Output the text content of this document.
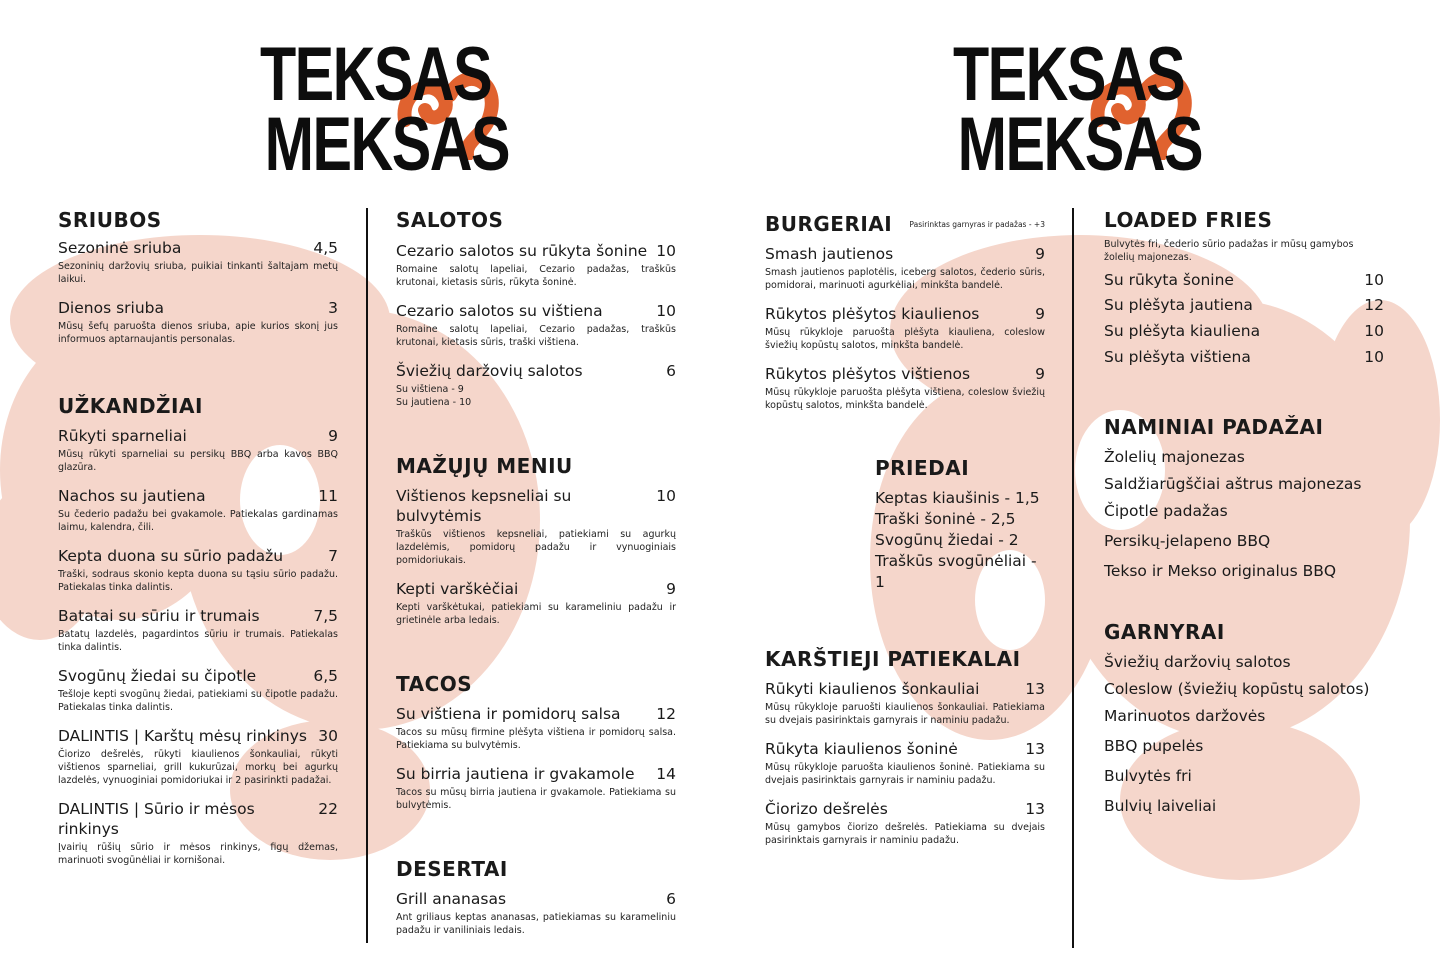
TEKSAS
MEKSAS
TEKSAS
MEKSAS
SRIUBOS
Sezoninė sriuba	4,5
Sezoninių daržovių sriuba, puikiai tinkanti šaltajam metų laikui.
Dienos sriuba	3
Mūsų šefų paruošta dienos sriuba, apie kurios skonį jus informuos aptarnaujantis personalas.
UŽKANDŽIAI
Rūkyti sparneliai	9
Mūsų rūkyti sparneliai su persikų BBQ arba kavos BBQ glazūra.
Nachos su jautiena	11
Su čederio padažu bei gvakamole. Patiekalas gardinamas laimu, kalendra, čili.
Kepta duona su sūrio padažu	7
Traški, sodraus skonio kepta duona su tąsiu sūrio padažu. Patiekalas tinka dalintis.
Batatai su sūriu ir trumais	7,5
Batatų lazdelės, pagardintos sūriu ir trumais. Patiekalas tinka dalintis.
Svogūnų žiedai su čipotle	6,5
Tešloje kepti svogūnų žiedai, patiekiami su čipotle padažu. Patiekalas tinka dalintis.
DALINTIS | Karštų mėsų rinkinys 30
Čiorizo dešrelės, rūkyti kiaulienos šonkauliai, rūkyti vištienos sparneliai, grill kukurūzai, morkų bei agurkų lazdelės, vynuoginiai pomidoriukai ir 2 pasirinkti padažai.
DALINTIS | Sūrio ir mėsos rinkinys
22
Įvairių rūšių sūrio ir mėsos rinkinys, figų džemas, marinuoti svogūnėliai ir kornišonai.
SALOTOS
Cezario salotos su rūkyta šonine 10
Romaine salotų lapeliai, Cezario padažas, traškūs krutonai, kietasis sūris, rūkyta šoninė.
Cezario salotos su vištiena	10
Romaine salotų lapeliai, Cezario padažas, traškūs krutonai, kietasis sūris, traški vištiena.
Šviežių daržovių salotos	6
Su vištiena - 9
Su jautiena - 10
MAŽŲJŲ MENIU
Vištienos kepsneliai su bulvytėmis
10
Traškūs vištienos kepsneliai, patiekiami su agurkų lazdelėmis, pomidorų padažu ir vynuoginiais pomidoriukais.
Kepti varškėčiai	9
Kepti varškėtukai, patiekiami su karameliniu padažu ir grietinėle arba ledais.
TACOS
Su vištiena ir pomidorų salsa 12
Tacos su mūsų firmine plėšyta vištiena ir pomidorų salsa. Patiekiama su bulvytėmis.
Su birria jautiena ir gvakamole 14
Tacos su mūsų birria jautiena ir gvakamole. Patiekiama su bulvytėmis.
DESERTAI
Grill ananasas	6
Ant griliaus keptas ananasas, patiekiamas su karameliniu padažu ir vaniliniais ledais.
BURGERIAI Pasirinktas garnyras ir padažas - +3
Smash jautienos	9
Smash jautienos paplotėlis, iceberg salotos, čederio sūris, pomidorai, marinuoti agurkėliai, minkšta bandelė.
Rūkytos plėšytos kiaulienos	9
Mūsų rūkykloje paruošta plėšyta kiauliena, coleslow šviežių kopūstų salotos, minkšta bandelė.
Rūkytos plėšytos vištienos	9
Mūsų rūkykloje paruošta plėšyta vištiena, coleslow šviežių kopūstų salotos, minkšta bandelė.
PRIEDAI
Keptas kiaušinis - 1,5
Traški šoninė - 2,5
Svogūnų žiedai - 2
Traškūs svogūnėliai - 1
KARŠTIEJI PATIEKALAI
Rūkyti kiaulienos šonkauliai	13
Mūsų rūkykloje paruošti kiaulienos šonkauliai. Patiekiama su dvejais pasirinktais garnyrais ir naminiu padažu.
Rūkyta kiaulienos šoninė	13
Mūsų rūkykloje paruošta kiaulienos šoninė. Patiekiama su dvejais pasirinktais garnyrais ir naminiu padažu.
Čiorizo dešrelės	13
Mūsų gamybos čiorizo dešrelės. Patiekiama su dvejais pasirinktais garnyrais ir naminiu padažu.
LOADED FRIES
Bulvytės fri, čederio sūrio padažas ir mūsų gamybos žolelių majonezas.
Su rūkyta šonine	10
Su plėšyta jautiena	12
Su plėšyta kiauliena	10
Su plėšyta vištiena	10
NAMINIAI PADAŽAI
Žolelių majonezas
Saldžiarūgščiai aštrus majonezas
Čipotle padažas
Persikų-jelapeno BBQ
Tekso ir Mekso originalus BBQ
GARNYRAI
Šviežių daržovių salotos
Coleslow (šviežių kopūstų salotos)
Marinuotos daržovės
BBQ pupelės
Bulvytės fri
Bulvių laiveliai
